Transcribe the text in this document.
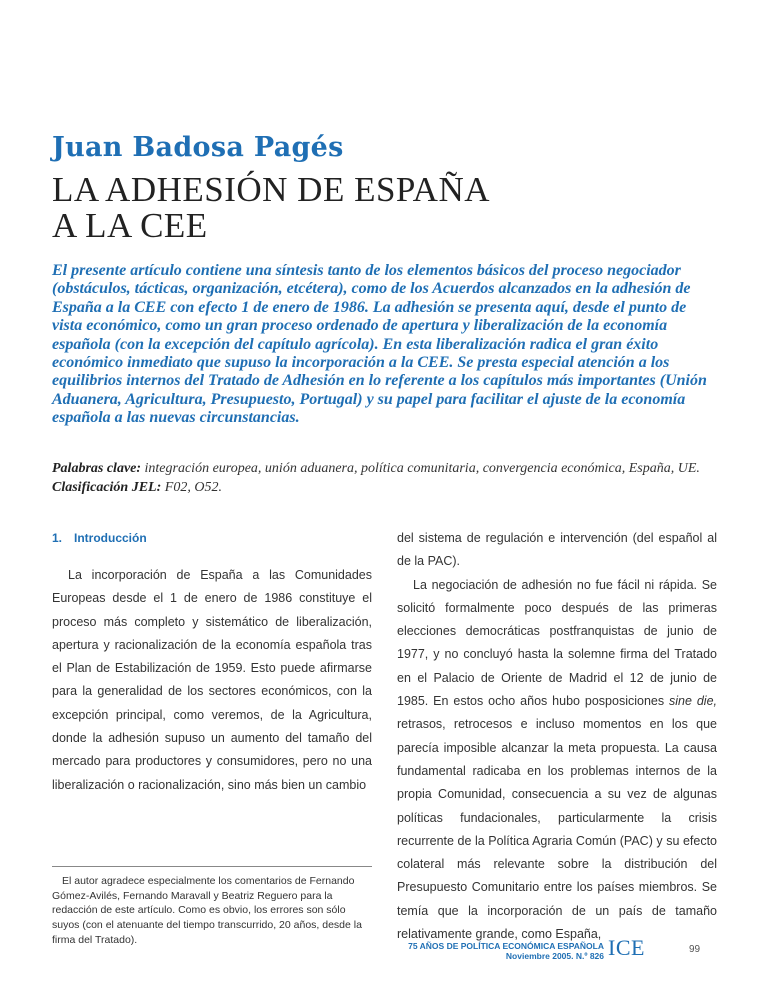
Juan Badosa Pagés
LA ADHESIÓN DE ESPAÑA
A LA CEE

El presente artículo contiene una síntesis tanto de los elementos básicos del proceso negociador (obstáculos, tácticas, organización, etcétera), como de los Acuerdos alcanzados en la adhesión de España a la CEE con efecto 1 de enero de 1986. La adhesión se presenta aquí, desde el punto de vista económico, como un gran proceso ordenado de apertura y liberalización de la economía española (con la excepción del capítulo agrícola). En esta liberalización radica el gran éxito económico inmediato que supuso la incorporación a la CEE. Se presta especial atención a los equilibrios internos del Tratado de Adhesión en lo referente a los capítulos más importantes (Unión Aduanera, Agricultura, Presupuesto, Portugal) y su papel para facilitar el ajuste de la economía española a las nuevas circunstancias.

Palabras clave: integración europea, unión aduanera, política comunitaria, convergencia económica, España, UE.
Clasificación JEL: F02, O52.
1. Introducción

La incorporación de España a las Comunidades Europeas desde el 1 de enero de 1986 constituye el proceso más completo y sistemático de liberalización, apertura y racionalización de la economía española tras el Plan de Estabilización de 1959. Esto puede afirmarse para la generalidad de los sectores económicos, con la excepción principal, como veremos, de la Agricultura, donde la adhesión supuso un aumento del tamaño del mercado para productores y consumidores, pero no una liberalización o racionalización, sino más bien un cambio

El autor agradece especialmente los comentarios de Fernando Gómez-Avilés, Fernando Maravall y Beatriz Reguero para la redacción de este artículo. Como es obvio, los errores son sólo suyos (con el atenuante del tiempo transcurrido, 20 años, desde la firma del Tratado).

del sistema de regulación e intervención (del español al de la PAC).

La negociación de adhesión no fue fácil ni rápida. Se solicitó formalmente poco después de las primeras elecciones democráticas postfranquistas de junio de 1977, y no concluyó hasta la solemne firma del Tratado en el Palacio de Oriente de Madrid el 12 de junio de 1985. En estos ocho años hubo posposiciones sine die, retrasos, retrocesos e incluso momentos en los que parecía imposible alcanzar la meta propuesta. La causa fundamental radicaba en los problemas internos de la propia Comunidad, consecuencia a su vez de algunas políticas fundacionales, particularmente la crisis recurrente de la Política Agraria Común (PAC) y su efecto colateral más relevante sobre la distribución del Presupuesto Comunitario entre los países miembros. Se temía que la incorporación de un país de tamaño relativamente grande, como España,

75 AÑOS DE POLÍTICA ECONÓMICA ESPAÑOLA
Noviembre 2005. N.º 826 ICE	99
